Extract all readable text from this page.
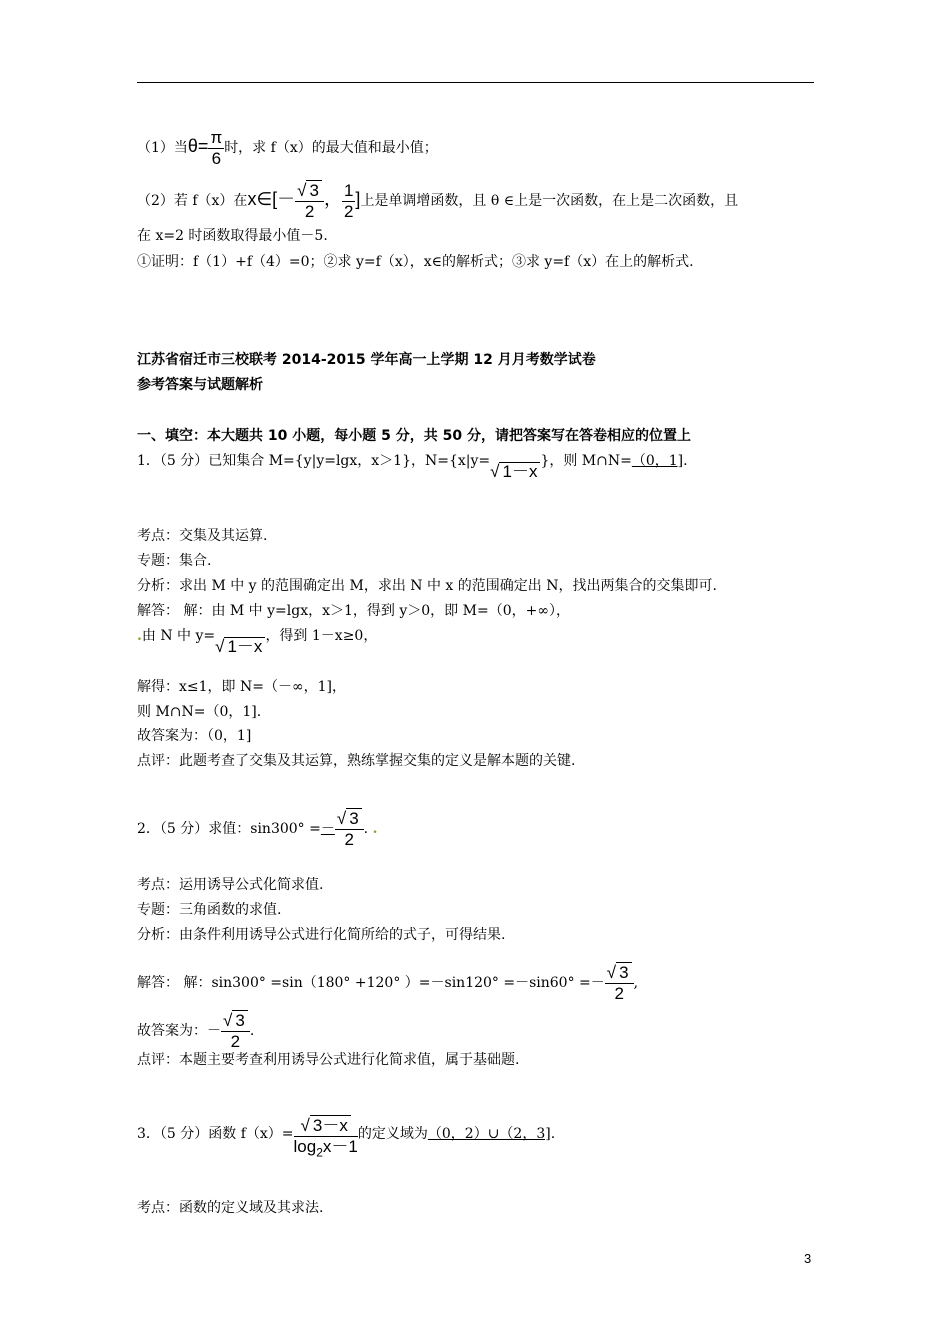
（1）当$\theta= \frac{\pi}{6}$ 时，求 f（x）的最大值和最小值；
（2）若 f（x）在x∈[－ $\frac{√ 3}{2}$ ， $\frac{1}{2}$ ]上是单调增函数，且 θ ∈上是一次函数，在上是二次函数，且
在 x=2 时函数取得最小值－5.
①证明：f（1）+f（4）=0；②求 y=f（x），x∈的解析式；③求 y=f（x）在上的解析式.
江苏省宿迁市三校联考 2014-2015 学年高一上学期 12 月月考数学试卷
参考答案与试题解析
一、填空：本大题共 10 小题，每小题 5 分，共 50 分，请把答案写在答卷相应的位置上
1．（5 分）已知集合 M={y|y=lgx，x＞1}，N={x|y=√ 1－x}，则 M∩N=（0，1].
考点：交集及其运算.
专题：集合.
分析：求出 M 中 y 的范围确定出 M，求出 N 中 x 的范围确定出 N，找出两集合的交集即可.
解答： 解：由 M 中 y=lgx，x＞1，得到 y＞0，即 M=（0，+∞），
.由 N 中 y=√ 1－x，得到 1－x≥0，
解得：x≤1，即 N=（－∞，1]，
则 M∩N=（0，1].
故答案为：（0，1]
点评：此题考查了交集及其运算，熟练掌握交集的定义是解本题的关键.
2．（5 分）求值：$\sin 300^\circ =- \frac{√ 3}{2}$ . .
考点：运用诱导公式化简求值.
专题：三角函数的求值.
分析：由条件利用诱导公式进行化简所给的式子，可得结果.
解答： 解：sin300° =sin（180° +120° ）$=-\sin 120^\circ =-\sin 60^\circ =- \frac{√ 3}{2}$ ,
故答案为：－ $\frac{√ 3}{2}$ .
点评：本题主要考查利用诱导公式进行化简求值，属于基础题.
3．（5 分）函数 $f(x)= \frac{√ 3-x}{\log_2x-1}$ 的定义域为（0，2）∪（2，3].
考点：函数的定义域及其求法.
3
